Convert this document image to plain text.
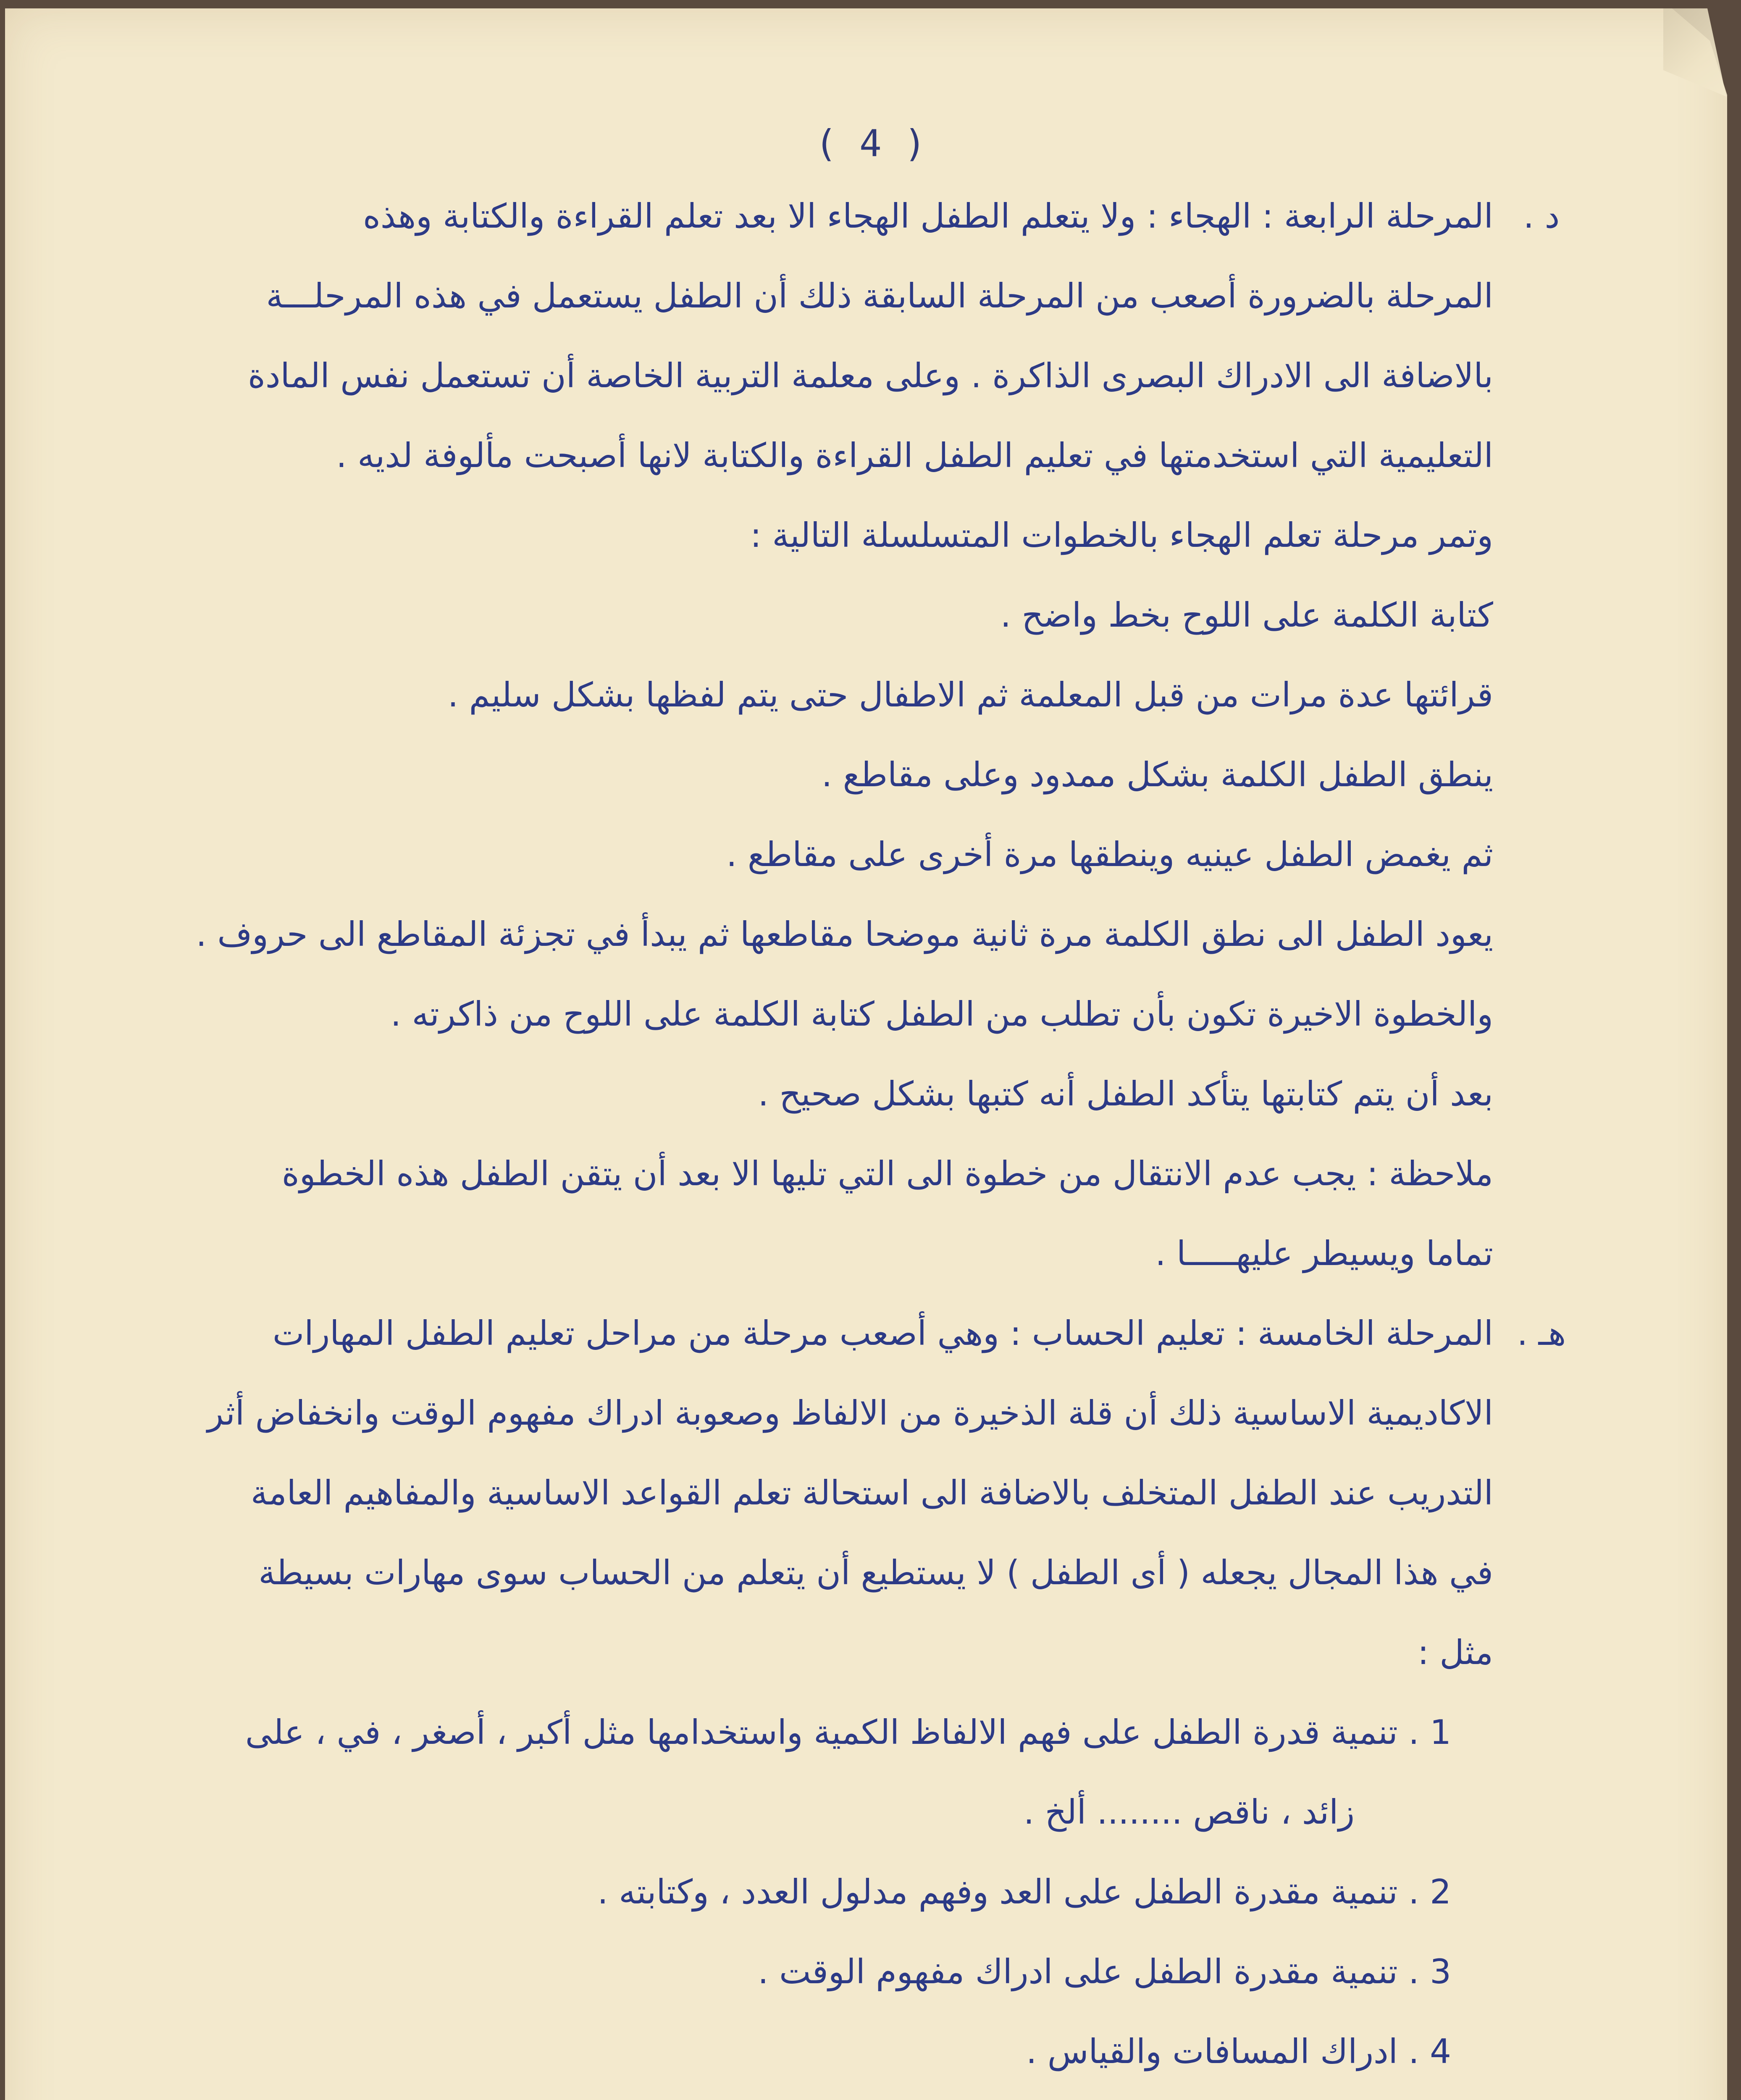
( 4 )
د .المرحلة الرابعة : الهجاء : ولا يتعلم الطفل الهجاء الا بعد تعلم القراءة والكتابة وهذه
المرحلة بالضرورة أصعب من المرحلة السابقة ذلك أن الطفل يستعمل في هذه المرحلـــة
بالاضافة الى الادراك البصرى الذاكرة . وعلى معلمة التربية الخاصة أن تستعمل نفس المادة
التعليمية التي استخدمتها في تعليم الطفل القراءة والكتابة لانها أصبحت مألوفة لديه .
وتمر مرحلة تعلم الهجاء بالخطوات المتسلسلة التالية :
كتابة الكلمة على اللوح بخط واضح .
قرائتها عدة مرات من قبل المعلمة ثم الاطفال حتى يتم لفظها بشكل سليم .
ينطق الطفل الكلمة بشكل ممدود وعلى مقاطع .
ثم يغمض الطفل عينيه وينطقها مرة أخرى على مقاطع .
يعود الطفل الى نطق الكلمة مرة ثانية موضحا مقاطعها ثم يبدأ في تجزئة المقاطع الى حروف .
والخطوة الاخيرة تكون بأن تطلب من الطفل كتابة الكلمة على اللوح من ذاكرته .
بعد أن يتم كتابتها يتأكد الطفل أنه كتبها بشكل صحيح .
ملاحظة : يجب عدم الانتقال من خطوة الى التي تليها الا بعد أن يتقن الطفل هذه الخطوة
تماما ويسيطر عليهـــــا .
هـ .المرحلة الخامسة : تعليم الحساب : وهي أصعب مرحلة من مراحل تعليم الطفل المهارات
الاكاديمية الاساسية ذلك أن قلة الذخيرة من الالفاظ وصعوبة ادراك مفهوم الوقت وانخفاض أثر
التدريب عند الطفل المتخلف بالاضافة الى استحالة تعلم القواعد الاساسية والمفاهيم العامة
في هذا المجال يجعله ( أى الطفل ) لا يستطيع أن يتعلم من الحساب سوى مهارات بسيطة
مثل :
1 . تنمية قدرة الطفل على فهم الالفاظ الكمية واستخدامها مثل أكبر ، أصغر ، في ، على
زائد ، ناقص ........ ألخ .
2 . تنمية مقدرة الطفل على العد وفهم مدلول العدد ، وكتابته .
3 . تنمية مقدرة الطفل على ادراك مفهوم الوقت .
4 . ادراك المسافات والقياس .
